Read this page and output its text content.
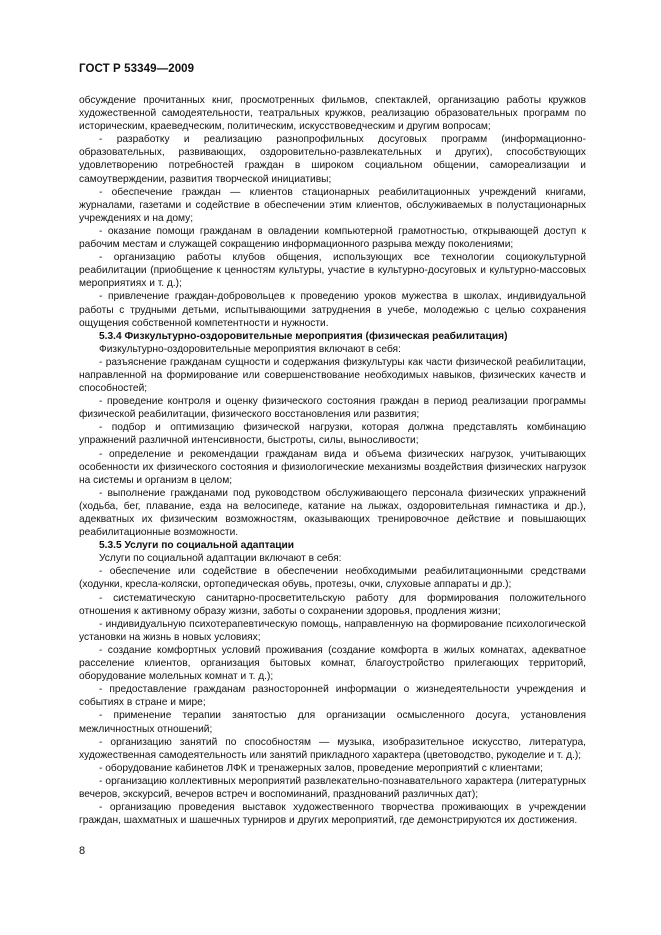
ГОСТ Р 53349—2009

обсуждение прочитанных книг, просмотренных фильмов, спектаклей, организацию работы кружков художественной самодеятельности, театральных кружков, реализацию образовательных программ по историческим, краеведческим, политическим, искусствоведческим и другим вопросам;

- разработку и реализацию разнопрофильных досуговых программ (информационно-образовательных, развивающих, оздоровительно-развлекательных и других), способствующих удовлетворению потребностей граждан в широком социальном общении, самореализации и самоутверждении, развития творческой инициативы;

- обеспечение граждан — клиентов стационарных реабилитационных учреждений книгами, журналами, газетами и содействие в обеспечении этим клиентов, обслуживаемых в полустационарных учреждениях и на дому;

- оказание помощи гражданам в овладении компьютерной грамотностью, открывающей доступ к рабочим местам и служащей сокращению информационного разрыва между поколениями;

- организацию работы клубов общения, использующих все технологии социокультурной реабилитации (приобщение к ценностям культуры, участие в культурно-досуговых и культурно-массовых мероприятиях и т. д.);

- привлечение граждан-добровольцев к проведению уроков мужества в школах, индивидуальной работы с трудными детьми, испытывающими затруднения в учебе, молодежью с целью сохранения ощущения собственной компетентности и нужности.

5.3.4 Физкультурно-оздоровительные мероприятия (физическая реабилитация)

Физкультурно-оздоровительные мероприятия включают в себя:

- разъяснение гражданам сущности и содержания физкультуры как части физической реабилитации, направленной на формирование или совершенствование необходимых навыков, физических качеств и способностей;

- проведение контроля и оценку физического состояния граждан в период реализации программы физической реабилитации, физического восстановления или развития;

- подбор и оптимизацию физической нагрузки, которая должна представлять комбинацию упражнений различной интенсивности, быстроты, силы, выносливости;

- определение и рекомендации гражданам вида и объема физических нагрузок, учитывающих особенности их физического состояния и физиологические механизмы воздействия физических нагрузок на системы и организм в целом;

- выполнение гражданами под руководством обслуживающего персонала физических упражнений (ходьба, бег, плавание, езда на велосипеде, катание на лыжах, оздоровительная гимнастика и др.), адекватных их физическим возможностям, оказывающих тренировочное действие и повышающих реабилитационные возможности.

5.3.5 Услуги по социальной адаптации

Услуги по социальной адаптации включают в себя:

- обеспечение или содействие в обеспечении необходимыми реабилитационными средствами (ходунки, кресла-коляски, ортопедическая обувь, протезы, очки, слуховые аппараты и др.);

- систематическую санитарно-просветительскую работу для формирования положительного отношения к активному образу жизни, заботы о сохранении здоровья, продления жизни;

- индивидуальную психотерапевтическую помощь, направленную на формирование психологической установки на жизнь в новых условиях;

- создание комфортных условий проживания (создание комфорта в жилых комнатах, адекватное расселение клиентов, организация бытовых комнат, благоустройство прилегающих территорий, оборудование молельных комнат и т. д.);

- предоставление гражданам разносторонней информации о жизнедеятельности учреждения и событиях в стране и мире;

- применение терапии занятостью для организации осмысленного досуга, установления межличностных отношений;

- организацию занятий по способностям — музыка, изобразительное искусство, литература, художественная самодеятельность или занятий прикладного характера (цветоводство, рукоделие и т. д.);

- оборудование кабинетов ЛФК и тренажерных залов, проведение мероприятий с клиентами;

- организацию коллективных мероприятий развлекательно-познавательного характера (литературных вечеров, экскурсий, вечеров встреч и воспоминаний, празднований различных дат);

- организацию проведения выставок художественного творчества проживающих в учреждении граждан, шахматных и шашечных турниров и других мероприятий, где демонстрируются их достижения.

8
